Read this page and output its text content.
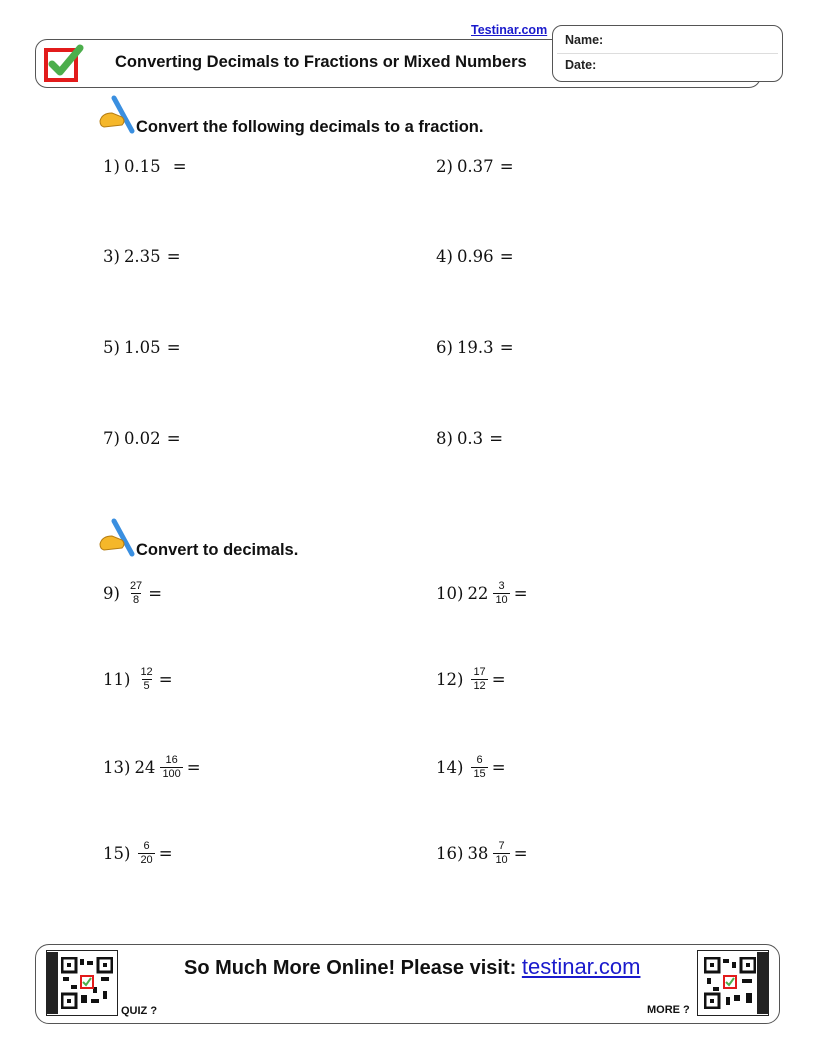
Converting Decimals to Fractions or Mixed Numbers
Testinar.com
Name:
Date:
Convert the following decimals to a fraction.
1) 0.15 =	2) 0.37 =
3) 2.35 =	4) 0.96 =
5) 1.05 =	6) 19.3 =
7) 0.02 =	8) 0.3 =
Convert to decimals.
$9) \frac{27}{8}$ =	10) $22 \frac{3}{10}$ =
$11) \frac{12}{5}$ =	$12) \frac{17}{12}$ =
13) $24 \frac{16}{100}$ =	$14) \frac{6}{15}$ =
$15) \frac{6}{20}$ =	16) $38 \frac{7}{10}$ =
QUIZ ?
So Much More Online! Please visit: testinar.com
MORE ?
